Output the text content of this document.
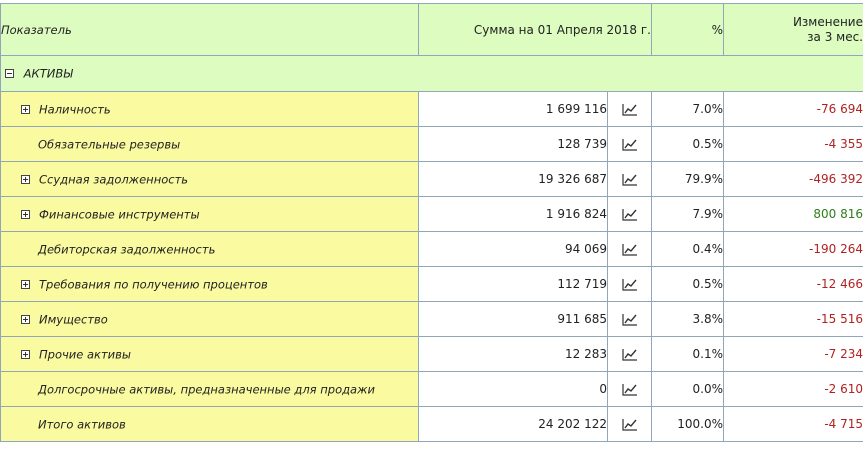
Показатель	Сумма на 01 Апреля 2018 г.		%	Изменение
за 3 мес.
АКТИВЫ				
Наличность	1 699 116		7.0%	-76 694
Обязательные резервы	128 739		0.5%	-4 355
Ссудная задолженность	19 326 687		79.9%	-496 392
Финансовые инструменты	1 916 824		7.9%	800 816
Дебиторская задолженность	94 069		0.4%	-190 264
Требования по получению процентов	112 719		0.5%	-12 466
Имущество	911 685		3.8%	-15 516
Прочие активы	12 283		0.1%	-7 234
Долгосрочные активы, предназначенные для продажи	0		0.0%	-2 610
Итого активов	24 202 122		100.0%	-4 715
